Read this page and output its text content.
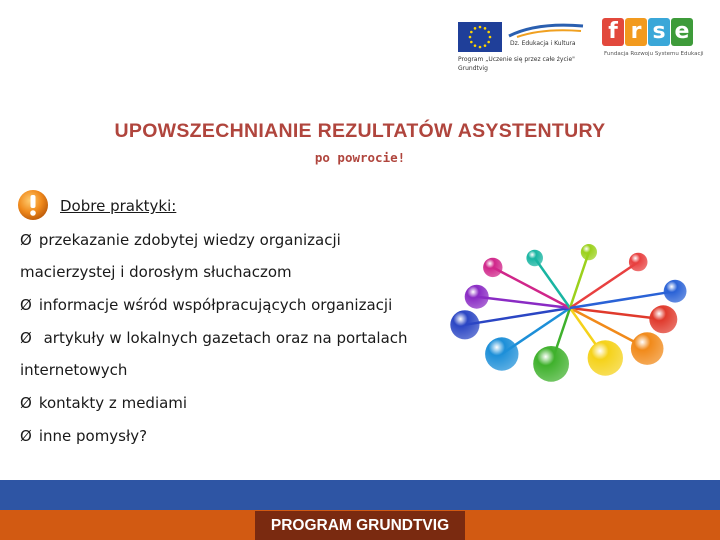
Dz. Edukacja i Kultura
Program „Uczenie się przez całe życie"
Grundtvig
f r s e
Fundacja Rozwoju Systemu Edukacji
UPOWSZECHNIANIE REZULTATÓW ASYSTENTURY
po powrocie!
Dobre praktyki:
Ø przekazanie zdobytej wiedzy organizacji
macierzystej i dorosłym słuchaczom
Ø informacje wśród współpracujących organizacji
Ø artykuły w lokalnych gazetach oraz na portalach
internetowych
Ø kontakty z mediami
Ø inne pomysły?
PROGRAM GRUNDTVIG
